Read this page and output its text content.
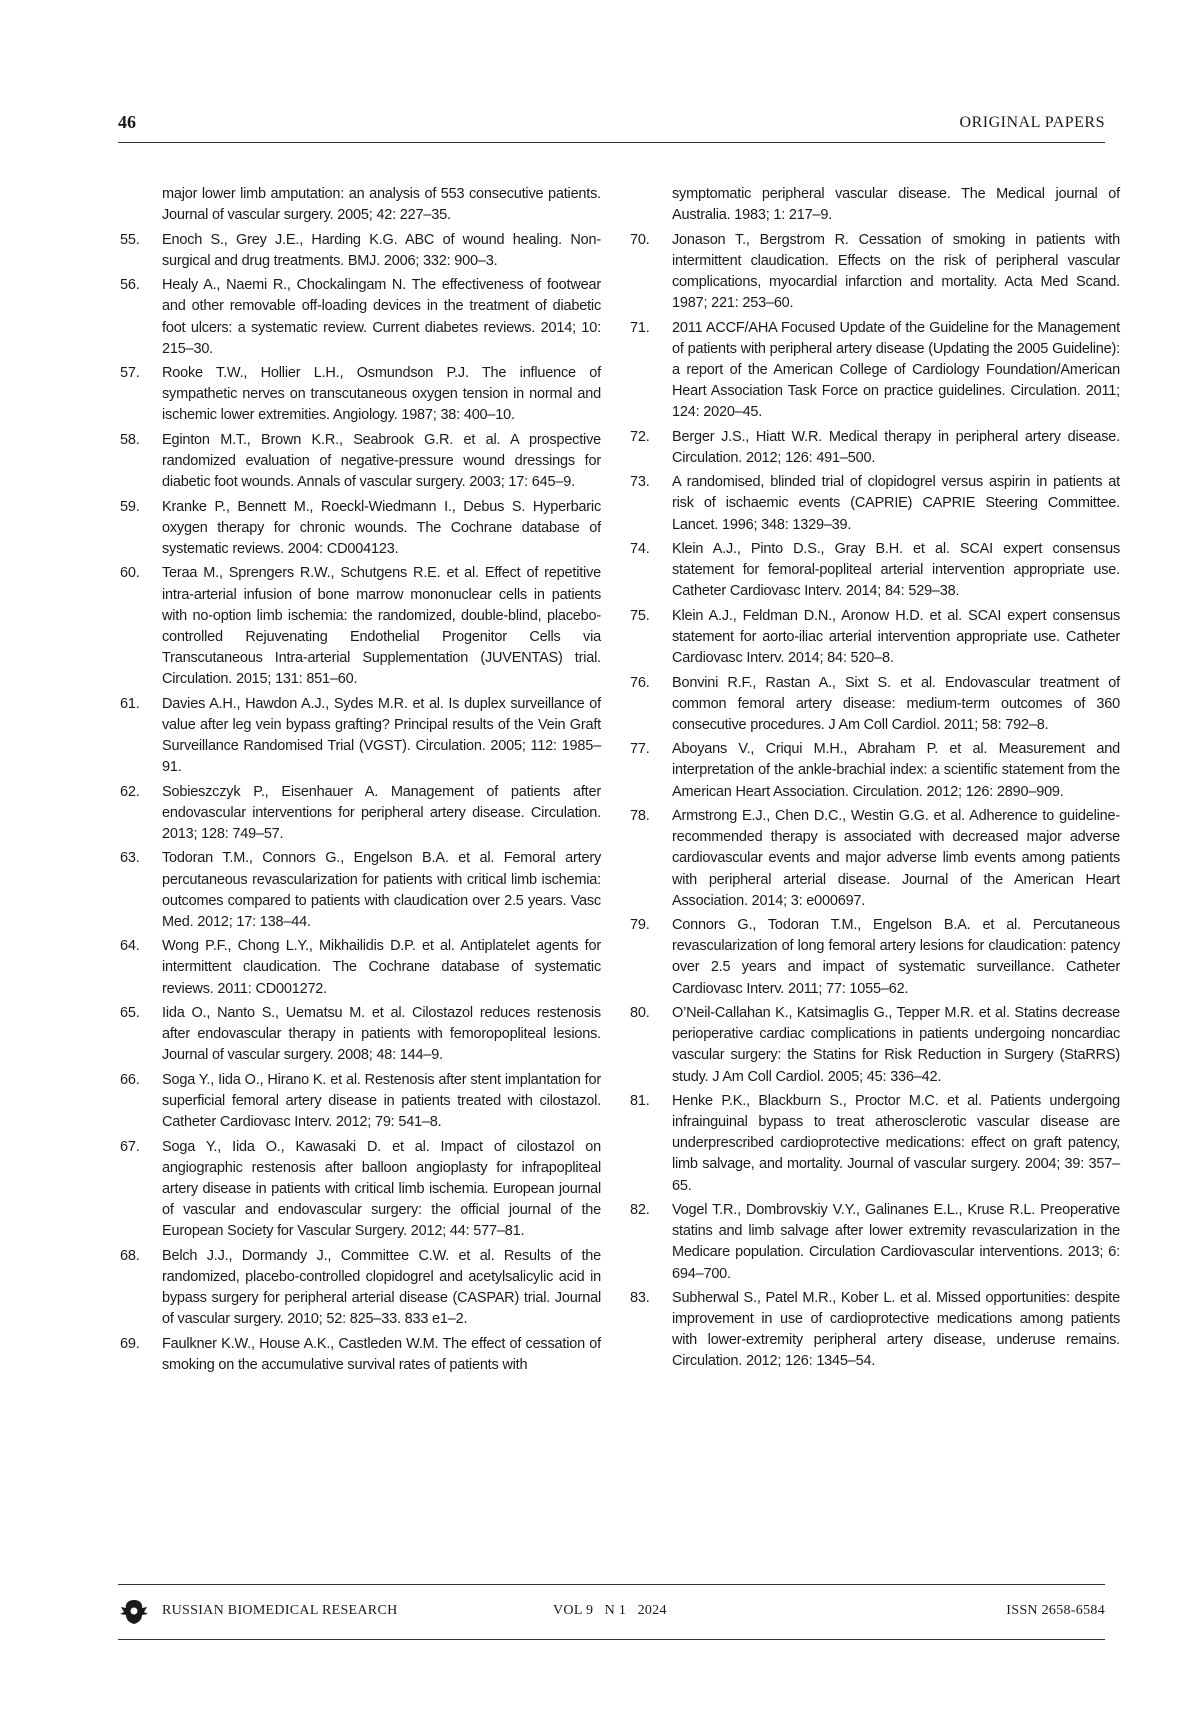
46	ORIGINAL PAPERS
major lower limb amputation: an analysis of 553 consecutive patients. Journal of vascular surgery. 2005; 42: 227–35.
55. Enoch S., Grey J.E., Harding K.G. ABC of wound healing. Non-surgical and drug treatments. BMJ. 2006; 332: 900–3.
56. Healy A., Naemi R., Chockalingam N. The effectiveness of footwear and other removable off-loading devices in the treatment of diabetic foot ulcers: a systematic review. Current diabetes reviews. 2014; 10: 215–30.
57. Rooke T.W., Hollier L.H., Osmundson P.J. The influence of sympathetic nerves on transcutaneous oxygen tension in normal and ischemic lower extremities. Angiology. 1987; 38: 400–10.
58. Eginton M.T., Brown K.R., Seabrook G.R. et al. A prospective randomized evaluation of negative-pressure wound dressings for diabetic foot wounds. Annals of vascular surgery. 2003; 17: 645–9.
59. Kranke P., Bennett M., Roeckl-Wiedmann I., Debus S. Hyperbaric oxygen therapy for chronic wounds. The Cochrane database of systematic reviews. 2004: CD004123.
60. Teraa M., Sprengers R.W., Schutgens R.E. et al. Effect of repetitive intra-arterial infusion of bone marrow mononuclear cells in patients with no-option limb ischemia: the randomized, double-blind, placebo-controlled Rejuvenating Endothelial Progenitor Cells via Transcutaneous Intra-arterial Supplementation (JUVENTAS) trial. Circulation. 2015; 131: 851–60.
61. Davies A.H., Hawdon A.J., Sydes M.R. et al. Is duplex surveillance of value after leg vein bypass grafting? Principal results of the Vein Graft Surveillance Randomised Trial (VGST). Circulation. 2005; 112: 1985–91.
62. Sobieszczyk P., Eisenhauer A. Management of patients after endovascular interventions for peripheral artery disease. Circulation. 2013; 128: 749–57.
63. Todoran T.M., Connors G., Engelson B.A. et al. Femoral artery percutaneous revascularization for patients with critical limb ischemia: outcomes compared to patients with claudication over 2.5 years. Vasc Med. 2012; 17: 138–44.
64. Wong P.F., Chong L.Y., Mikhailidis D.P. et al. Antiplatelet agents for intermittent claudication. The Cochrane database of systematic reviews. 2011: CD001272.
65. Iida O., Nanto S., Uematsu M. et al. Cilostazol reduces restenosis after endovascular therapy in patients with femoropopliteal lesions. Journal of vascular surgery. 2008; 48: 144–9.
66. Soga Y., Iida O., Hirano K. et al. Restenosis after stent implantation for superficial femoral artery disease in patients treated with cilostazol. Catheter Cardiovasc Interv. 2012; 79: 541–8.
67. Soga Y., Iida O., Kawasaki D. et al. Impact of cilostazol on angiographic restenosis after balloon angioplasty for infrapopliteal artery disease in patients with critical limb ischemia. European journal of vascular and endovascular surgery: the official journal of the European Society for Vascular Surgery. 2012; 44: 577–81.
68. Belch J.J., Dormandy J., Committee C.W. et al. Results of the randomized, placebo-controlled clopidogrel and acetylsalicylic acid in bypass surgery for peripheral arterial disease (CASPAR) trial. Journal of vascular surgery. 2010; 52: 825–33. 833 e1–2.
69. Faulkner K.W., House A.K., Castleden W.M. The effect of cessation of smoking on the accumulative survival rates of patients with
symptomatic peripheral vascular disease. The Medical journal of Australia. 1983; 1: 217–9.
70. Jonason T., Bergstrom R. Cessation of smoking in patients with intermittent claudication. Effects on the risk of peripheral vascular complications, myocardial infarction and mortality. Acta Med Scand. 1987; 221: 253–60.
71. 2011 ACCF/AHA Focused Update of the Guideline for the Management of patients with peripheral artery disease (Updating the 2005 Guideline): a report of the American College of Cardiology Foundation/American Heart Association Task Force on practice guidelines. Circulation. 2011; 124: 2020–45.
72. Berger J.S., Hiatt W.R. Medical therapy in peripheral artery disease. Circulation. 2012; 126: 491–500.
73. A randomised, blinded trial of clopidogrel versus aspirin in patients at risk of ischaemic events (CAPRIE) CAPRIE Steering Committee. Lancet. 1996; 348: 1329–39.
74. Klein A.J., Pinto D.S., Gray B.H. et al. SCAI expert consensus statement for femoral-popliteal arterial intervention appropriate use. Catheter Cardiovasc Interv. 2014; 84: 529–38.
75. Klein A.J., Feldman D.N., Aronow H.D. et al. SCAI expert consensus statement for aorto-iliac arterial intervention appropriate use. Catheter Cardiovasc Interv. 2014; 84: 520–8.
76. Bonvini R.F., Rastan A., Sixt S. et al. Endovascular treatment of common femoral artery disease: medium-term outcomes of 360 consecutive procedures. J Am Coll Cardiol. 2011; 58: 792–8.
77. Aboyans V., Criqui M.H., Abraham P. et al. Measurement and interpretation of the ankle-brachial index: a scientific statement from the American Heart Association. Circulation. 2012; 126: 2890–909.
78. Armstrong E.J., Chen D.C., Westin G.G. et al. Adherence to guideline-recommended therapy is associated with decreased major adverse cardiovascular events and major adverse limb events among patients with peripheral arterial disease. Journal of the American Heart Association. 2014; 3: e000697.
79. Connors G., Todoran T.M., Engelson B.A. et al. Percutaneous revascularization of long femoral artery lesions for claudication: patency over 2.5 years and impact of systematic surveillance. Catheter Cardiovasc Interv. 2011; 77: 1055–62.
80. O’Neil-Callahan K., Katsimaglis G., Tepper M.R. et al. Statins decrease perioperative cardiac complications in patients undergoing noncardiac vascular surgery: the Statins for Risk Reduction in Surgery (StaRRS) study. J Am Coll Cardiol. 2005; 45: 336–42.
81. Henke P.K., Blackburn S., Proctor M.C. et al. Patients undergoing infrainguinal bypass to treat atherosclerotic vascular disease are underprescribed cardioprotective medications: effect on graft patency, limb salvage, and mortality. Journal of vascular surgery. 2004; 39: 357–65.
82. Vogel T.R., Dombrovskiy V.Y., Galinanes E.L., Kruse R.L. Preoperative statins and limb salvage after lower extremity revascularization in the Medicare population. Circulation Cardiovascular interventions. 2013; 6: 694–700.
83. Subherwal S., Patel M.R., Kober L. et al. Missed opportunities: despite improvement in use of cardioprotective medications among patients with lower-extremity peripheral artery disease, underuse remains. Circulation. 2012; 126: 1345–54.
RUSSIAN BIOMEDICAL RESEARCH	VOL 9   N 1   2024	ISSN 2658-6584
